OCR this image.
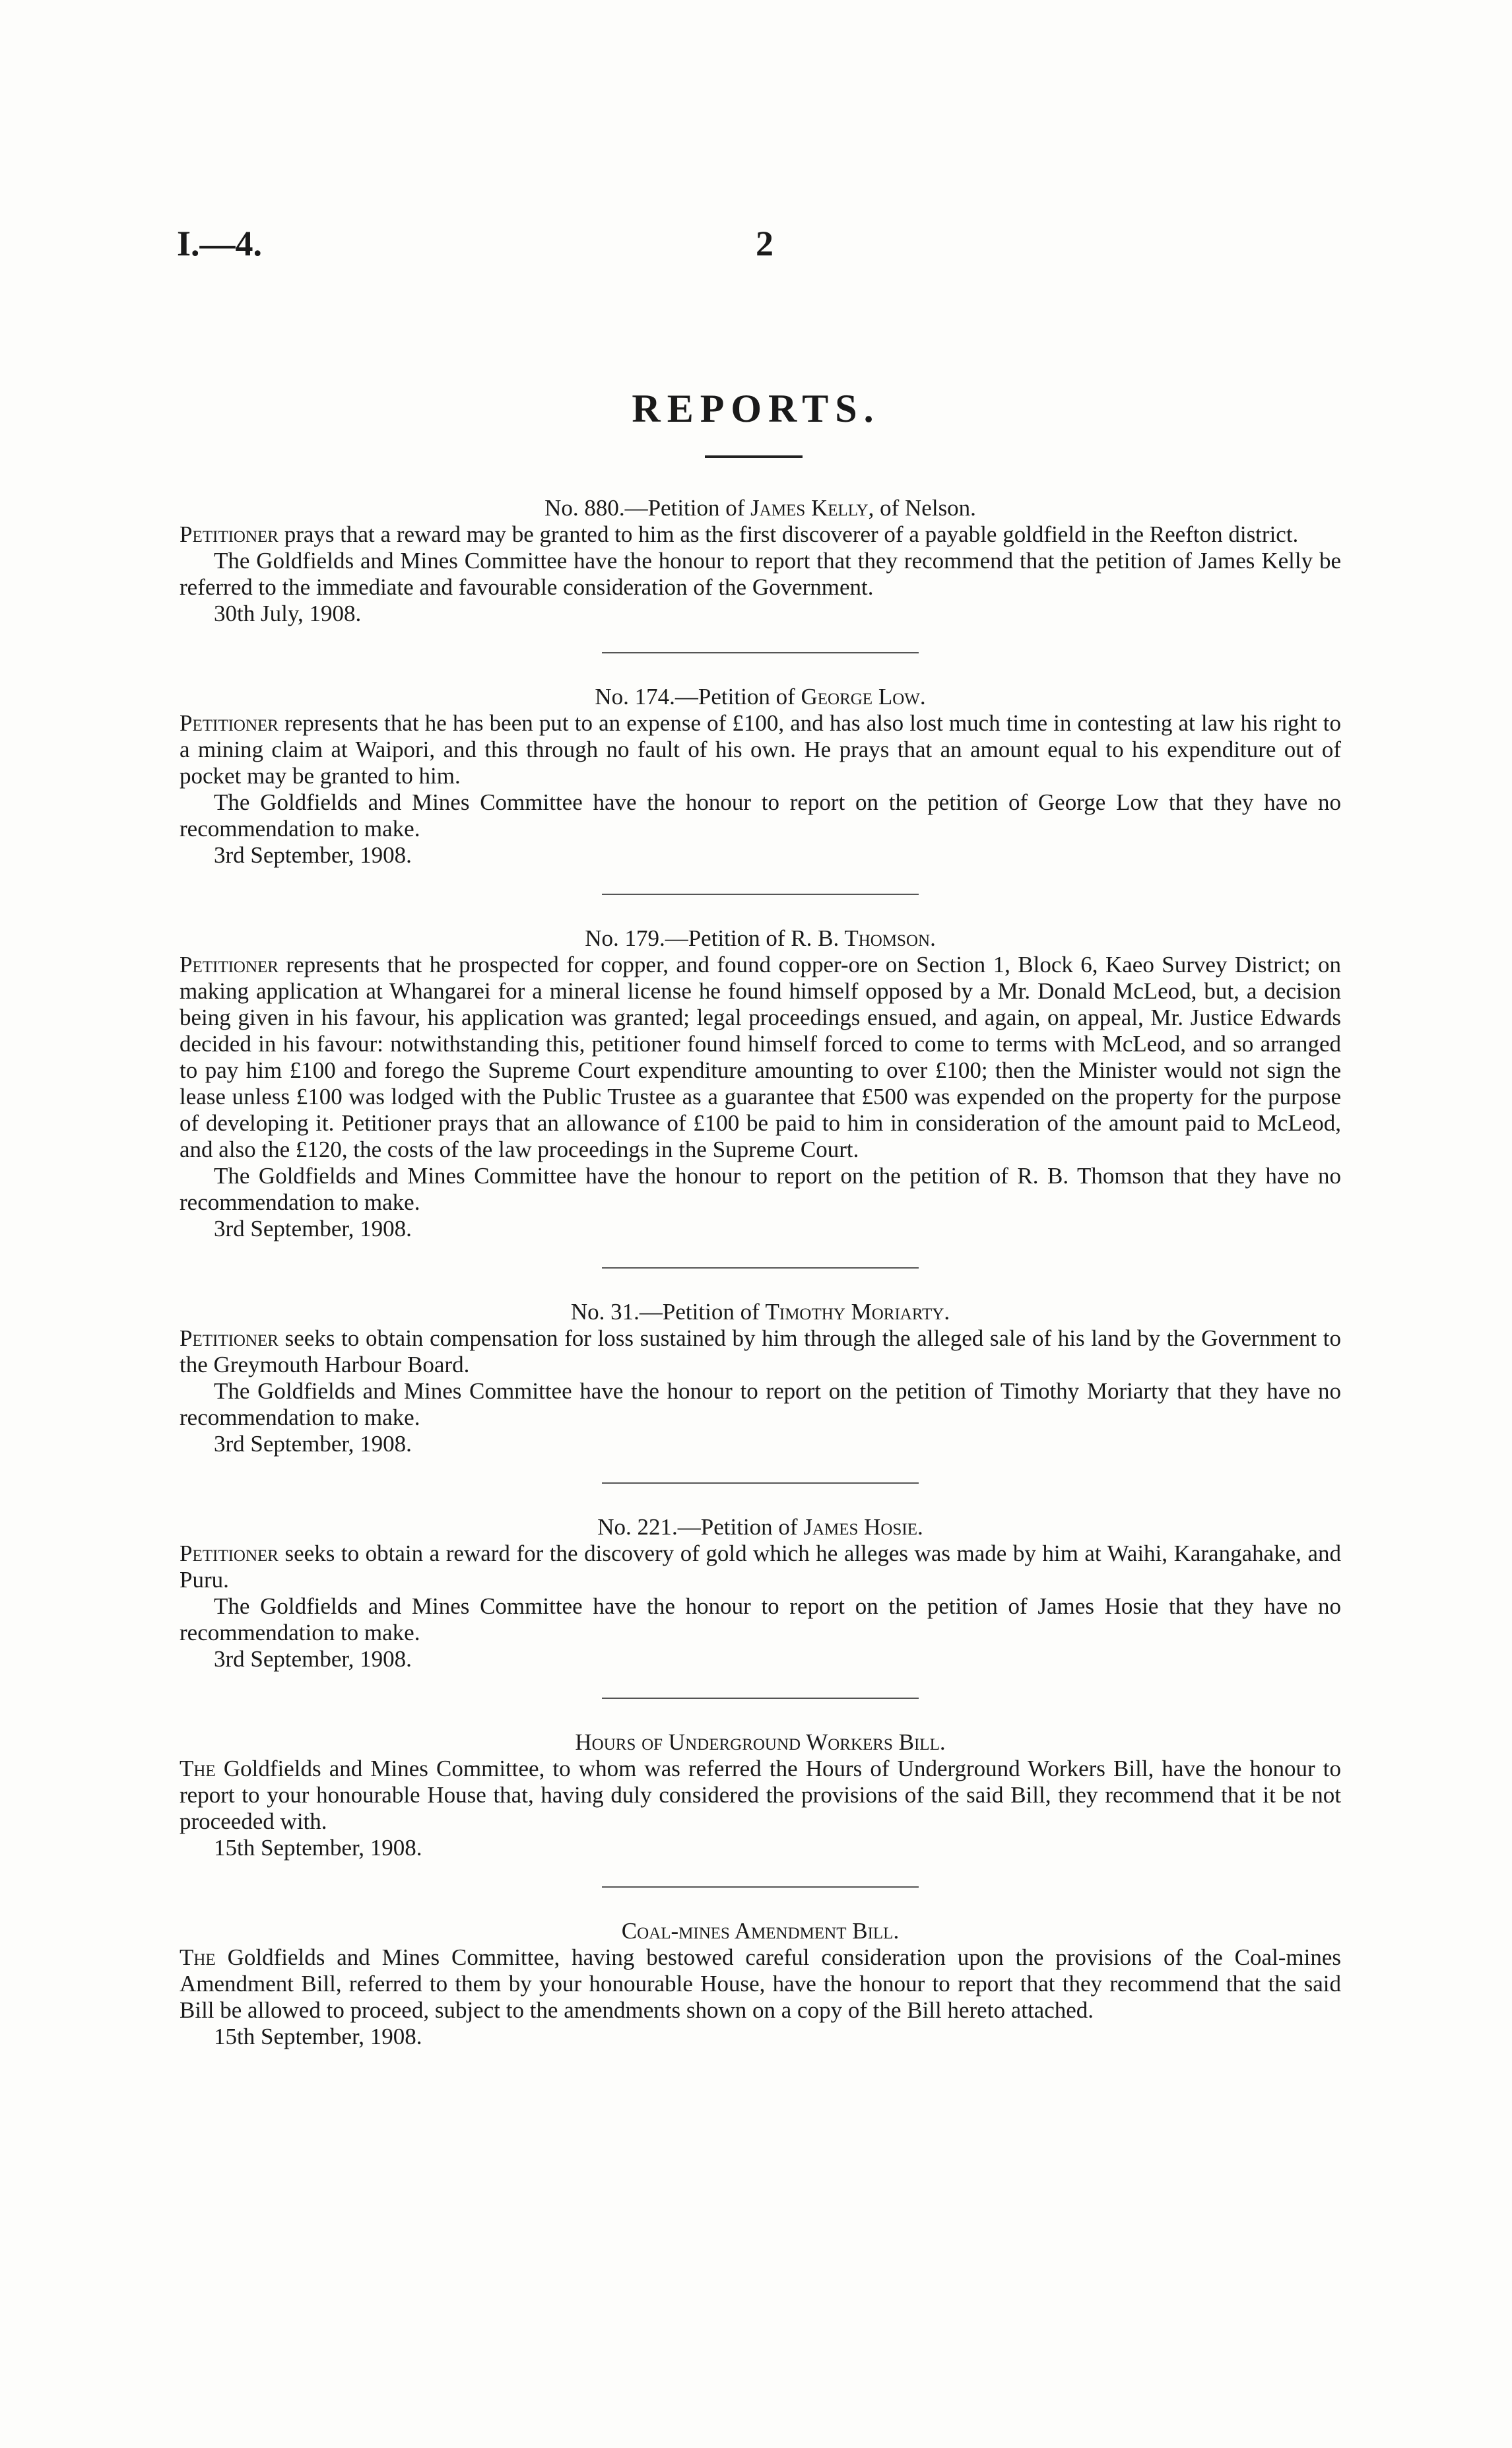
I.—4.	2
REPORTS.
No. 880.—Petition of James Kelly, of Nelson.

Petitioner prays that a reward may be granted to him as the first discoverer of a payable goldfield in the Reefton district.

The Goldfields and Mines Committee have the honour to report that they recommend that the petition of James Kelly be referred to the immediate and favourable consideration of the Government.

30th July, 1908.

No. 174.—Petition of George Low.

Petitioner represents that he has been put to an expense of £100, and has also lost much time in contesting at law his right to a mining claim at Waipori, and this through no fault of his own. He prays that an amount equal to his expenditure out of pocket may be granted to him.

The Goldfields and Mines Committee have the honour to report on the petition of George Low that they have no recommendation to make.

3rd September, 1908.

No. 179.—Petition of R. B. Thomson.

Petitioner represents that he prospected for copper, and found copper-ore on Section 1, Block 6, Kaeo Survey District; on making application at Whangarei for a mineral license he found himself opposed by a Mr. Donald McLeod, but, a decision being given in his favour, his application was granted; legal proceedings ensued, and again, on appeal, Mr. Justice Edwards decided in his favour: notwithstanding this, petitioner found himself forced to come to terms with McLeod, and so arranged to pay him £100 and forego the Supreme Court expenditure amounting to over £100; then the Minister would not sign the lease unless £100 was lodged with the Public Trustee as a guarantee that £500 was expended on the property for the purpose of developing it. Petitioner prays that an allowance of £100 be paid to him in consideration of the amount paid to McLeod, and also the £120, the costs of the law proceedings in the Supreme Court.

The Goldfields and Mines Committee have the honour to report on the petition of R. B. Thomson that they have no recommendation to make.

3rd September, 1908.

No. 31.—Petition of Timothy Moriarty.

Petitioner seeks to obtain compensation for loss sustained by him through the alleged sale of his land by the Government to the Greymouth Harbour Board.

The Goldfields and Mines Committee have the honour to report on the petition of Timothy Moriarty that they have no recommendation to make.

3rd September, 1908.

No. 221.—Petition of James Hosie.

Petitioner seeks to obtain a reward for the discovery of gold which he alleges was made by him at Waihi, Karangahake, and Puru.

The Goldfields and Mines Committee have the honour to report on the petition of James Hosie that they have no recommendation to make.

3rd September, 1908.

Hours of Underground Workers Bill.

The Goldfields and Mines Committee, to whom was referred the Hours of Underground Workers Bill, have the honour to report to your honourable House that, having duly considered the provisions of the said Bill, they recommend that it be not proceeded with.

15th September, 1908.

Coal-mines Amendment Bill.

The Goldfields and Mines Committee, having bestowed careful consideration upon the provisions of the Coal-mines Amendment Bill, referred to them by your honourable House, have the honour to report that they recommend that the said Bill be allowed to proceed, subject to the amendments shown on a copy of the Bill hereto attached.

15th September, 1908.
